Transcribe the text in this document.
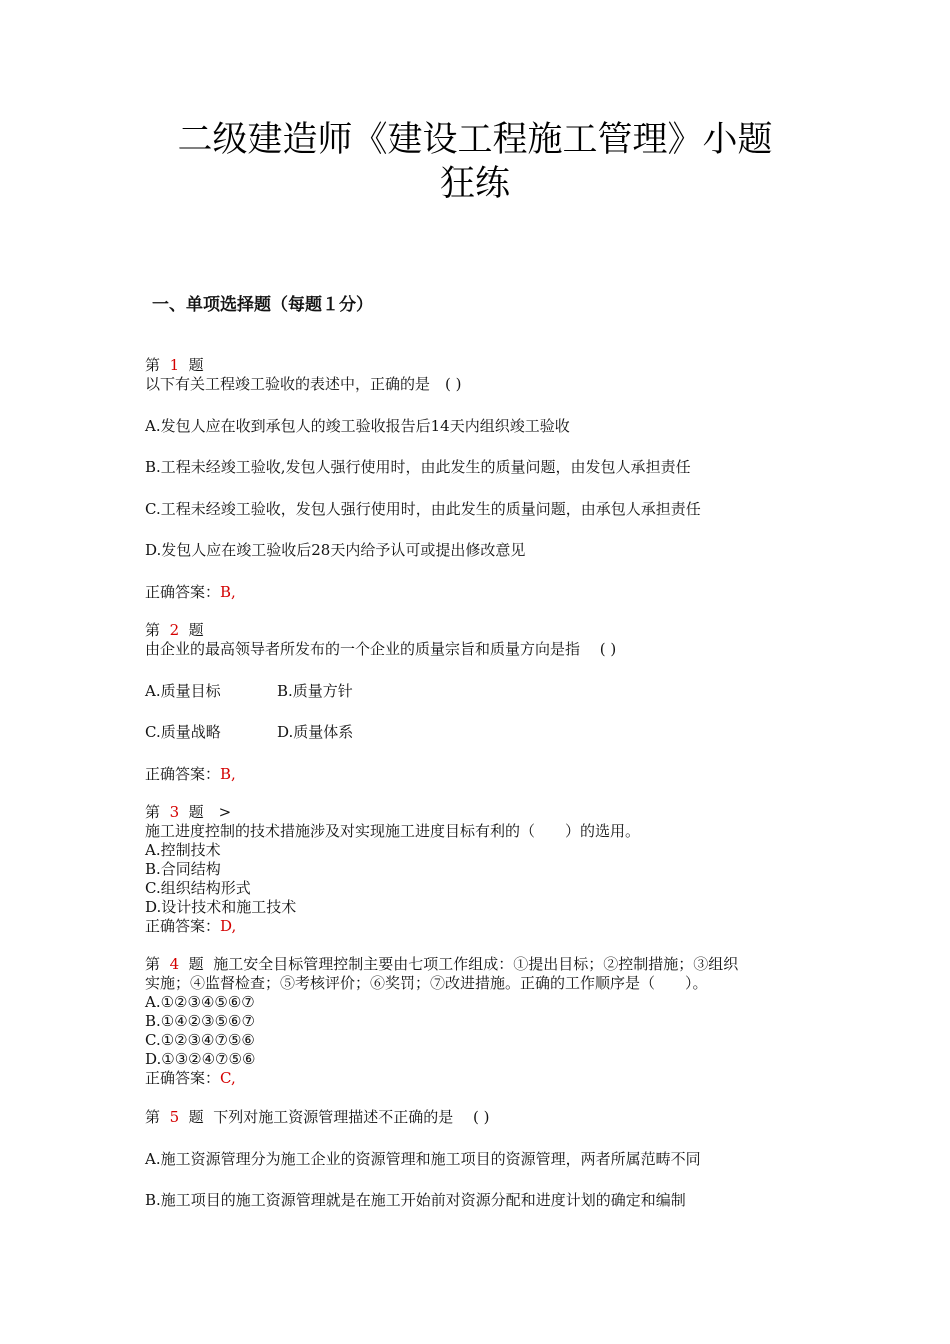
二级建造师《建设工程施工管理》小题
狂练
一、单项选择题（每题１分）
第 1 题
以下有关工程竣工验收的表述中，正确的是　( )
A.发包人应在收到承包人的竣工验收报告后14天内组织竣工验收
B.工程未经竣工验收,发包人强行使用时，由此发生的质量问题，由发包人承担责任
C.工程未经竣工验收，发包人强行使用时，由此发生的质量问题，由承包人承担责任
D.发包人应在竣工验收后28天内给予认可或提出修改意见
正确答案：B,
第 2 题
由企业的最高领导者所发布的一个企业的质量宗旨和质量方向是指　 ( )
A.质量目标	B.质量方针
C.质量战略	D.质量体系
正确答案：B,
第 3 题　>
施工进度控制的技术措施涉及对实现施工进度目标有利的（　　）的选用。
A.控制技术
B.合同结构
C.组织结构形式
D.设计技术和施工技术
正确答案：D,
第 4 题 施工安全目标管理控制主要由七项工作组成：①提出目标；②控制措施；③组织
实施；④监督检查；⑤考核评价；⑥奖罚；⑦改进措施。正确的工作顺序是（　　）。
A.①②③④⑤⑥⑦
B.①④②③⑤⑥⑦
C.①②③④⑦⑤⑥
D.①③②④⑦⑤⑥
正确答案：C,
第 5 题 下列对施工资源管理描述不正确的是　 ( )
A.施工资源管理分为施工企业的资源管理和施工项目的资源管理，两者所属范畴不同
B.施工项目的施工资源管理就是在施工开始前对资源分配和进度计划的确定和编制
